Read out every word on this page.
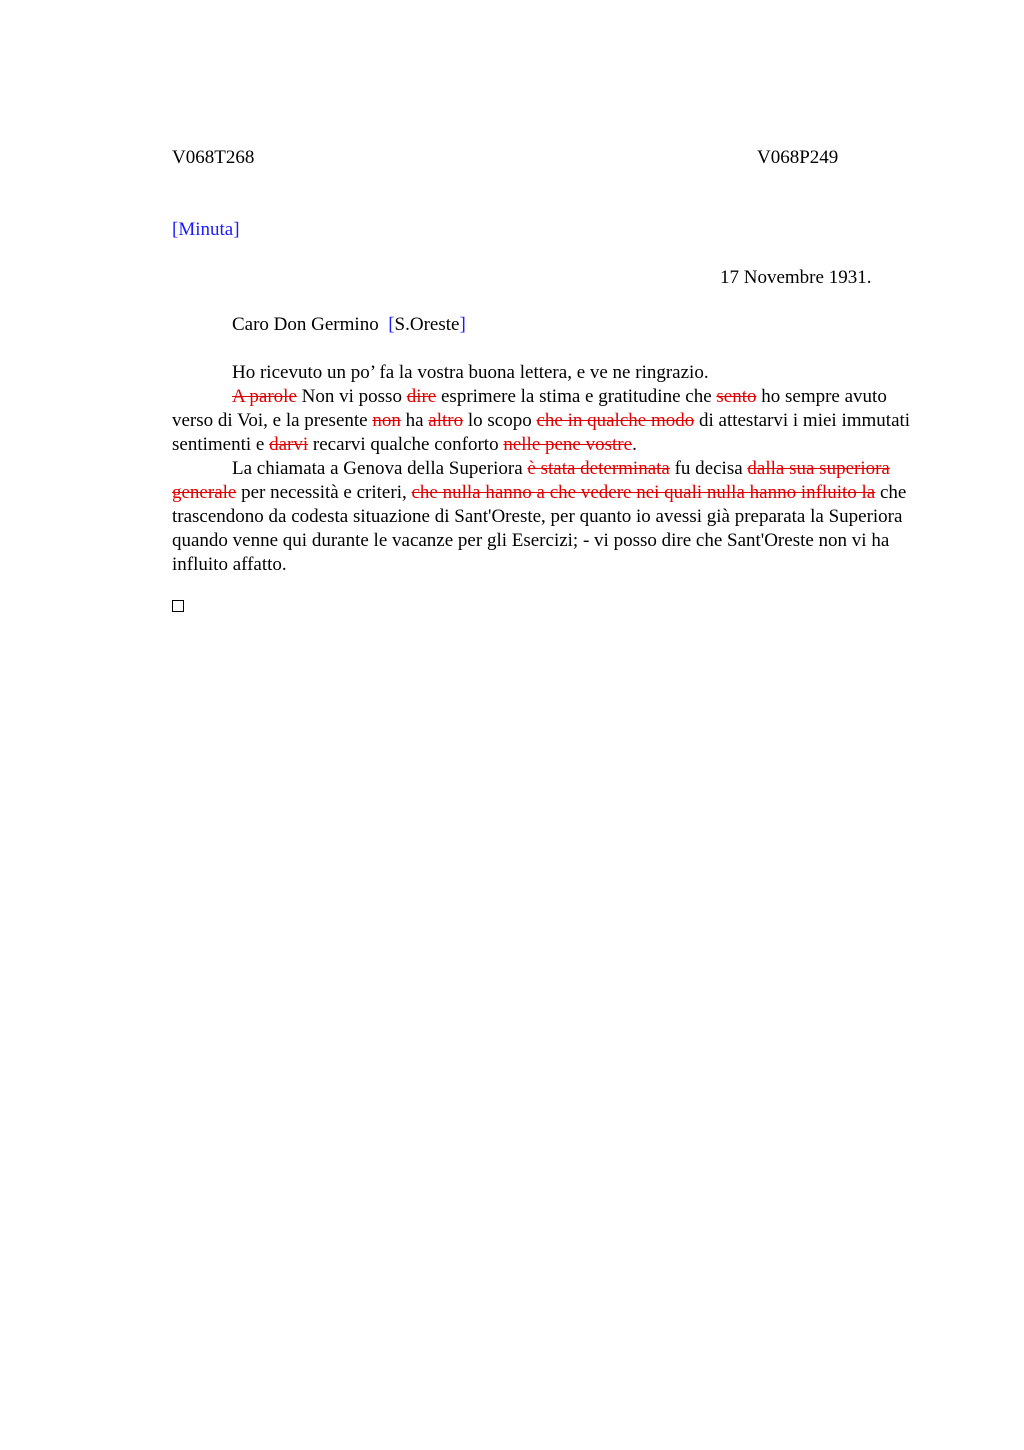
V068T268	V068P249
[Minuta]
17 Novembre 1931.
Caro Don Germino [S.Oreste]

Ho ricevuto un po’ fa la vostra buona lettera, e ve ne ringrazio.

A parole Non vi posso dire esprimere la stima e gratitudine che sento ho sempre avuto verso di Voi, e la presente non ha altro lo scopo che in qualche modo di attestarvi i miei immutati sentimenti e darvi recarvi qualche conforto nelle pene vostre.

La chiamata a Genova della Superiora è stata determinata fu decisa dalla sua superiora generale per necessità e criteri, che nulla hanno a che vedere nei quali nulla hanno influito la che trascendono da codesta situazione di Sant'Oreste, per quanto io avessi già preparata la Superiora quando venne qui durante le vacanze per gli Esercizi; - vi posso dire che Sant'Oreste non vi ha influito affatto.
